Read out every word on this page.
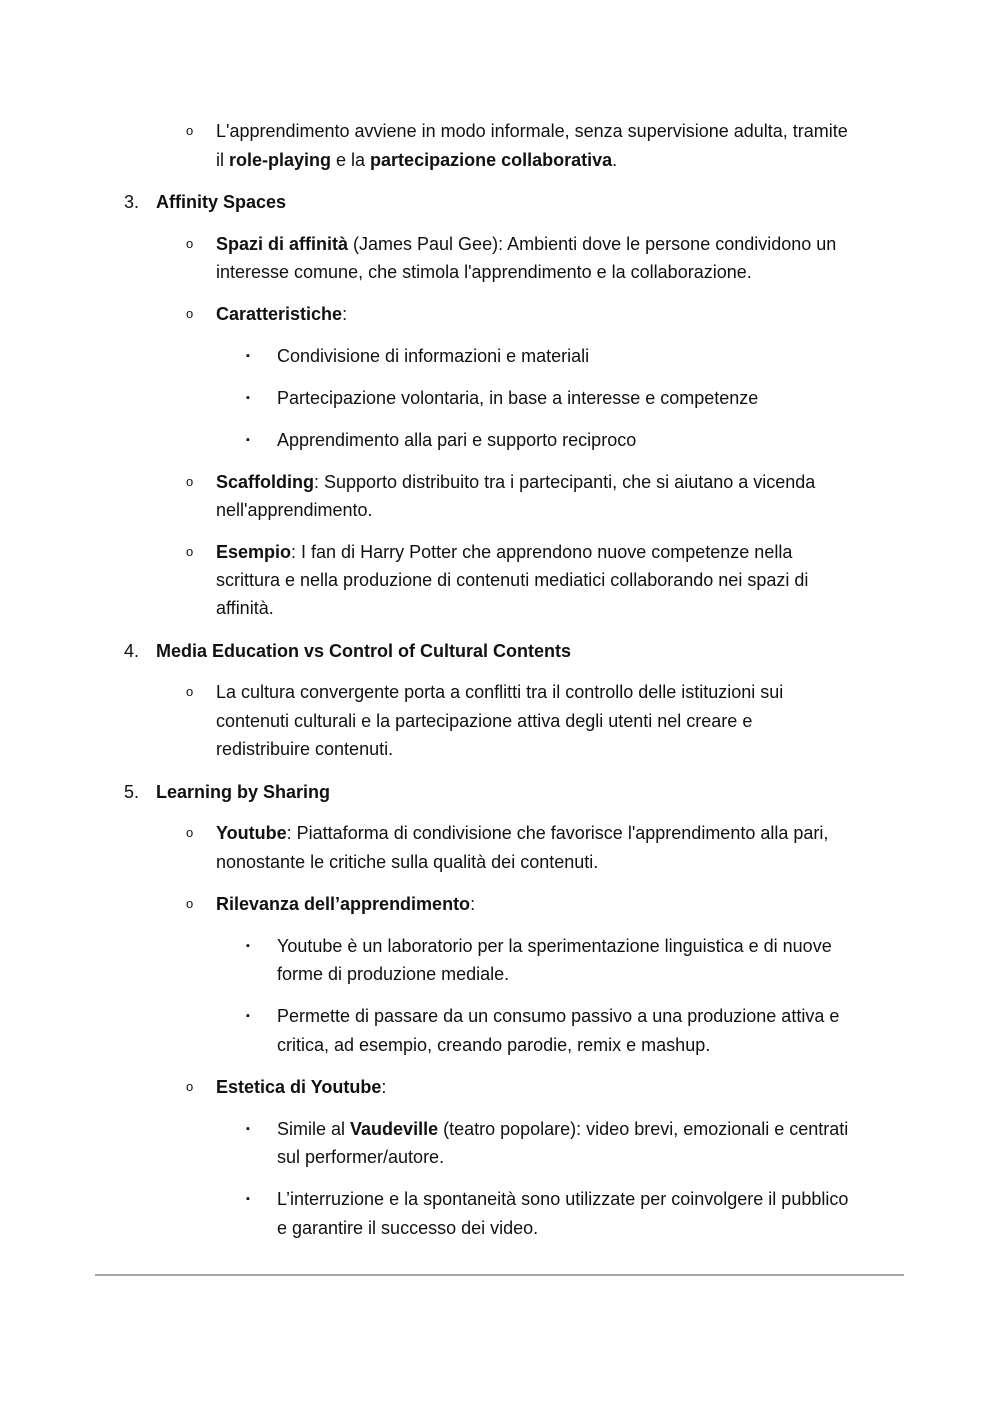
o L'apprendimento avviene in modo informale, senza supervisione adulta, tramite
il role-playing e la partecipazione collaborativa.
3. Affinity Spaces
o Spazi di affinità (James Paul Gee): Ambienti dove le persone condividono un
interesse comune, che stimola l'apprendimento e la collaborazione.
o Caratteristiche:
▪ Condivisione di informazioni e materiali
▪ Partecipazione volontaria, in base a interesse e competenze
▪ Apprendimento alla pari e supporto reciproco
o Scaffolding: Supporto distribuito tra i partecipanti, che si aiutano a vicenda
nell'apprendimento.
o Esempio: I fan di Harry Potter che apprendono nuove competenze nella
scrittura e nella produzione di contenuti mediatici collaborando nei spazi di
affinità.
4. Media Education vs Control of Cultural Contents
o La cultura convergente porta a conflitti tra il controllo delle istituzioni sui
contenuti culturali e la partecipazione attiva degli utenti nel creare e
redistribuire contenuti.
5. Learning by Sharing
o Youtube: Piattaforma di condivisione che favorisce l'apprendimento alla pari,
nonostante le critiche sulla qualità dei contenuti.
o Rilevanza dell’apprendimento:
▪ Youtube è un laboratorio per la sperimentazione linguistica e di nuove
forme di produzione mediale.
▪ Permette di passare da un consumo passivo a una produzione attiva e
critica, ad esempio, creando parodie, remix e mashup.
o Estetica di Youtube:
▪ Simile al Vaudeville (teatro popolare): video brevi, emozionali e centrati
sul performer/autore.
▪ L’interruzione e la spontaneità sono utilizzate per coinvolgere il pubblico
e garantire il successo dei video.
